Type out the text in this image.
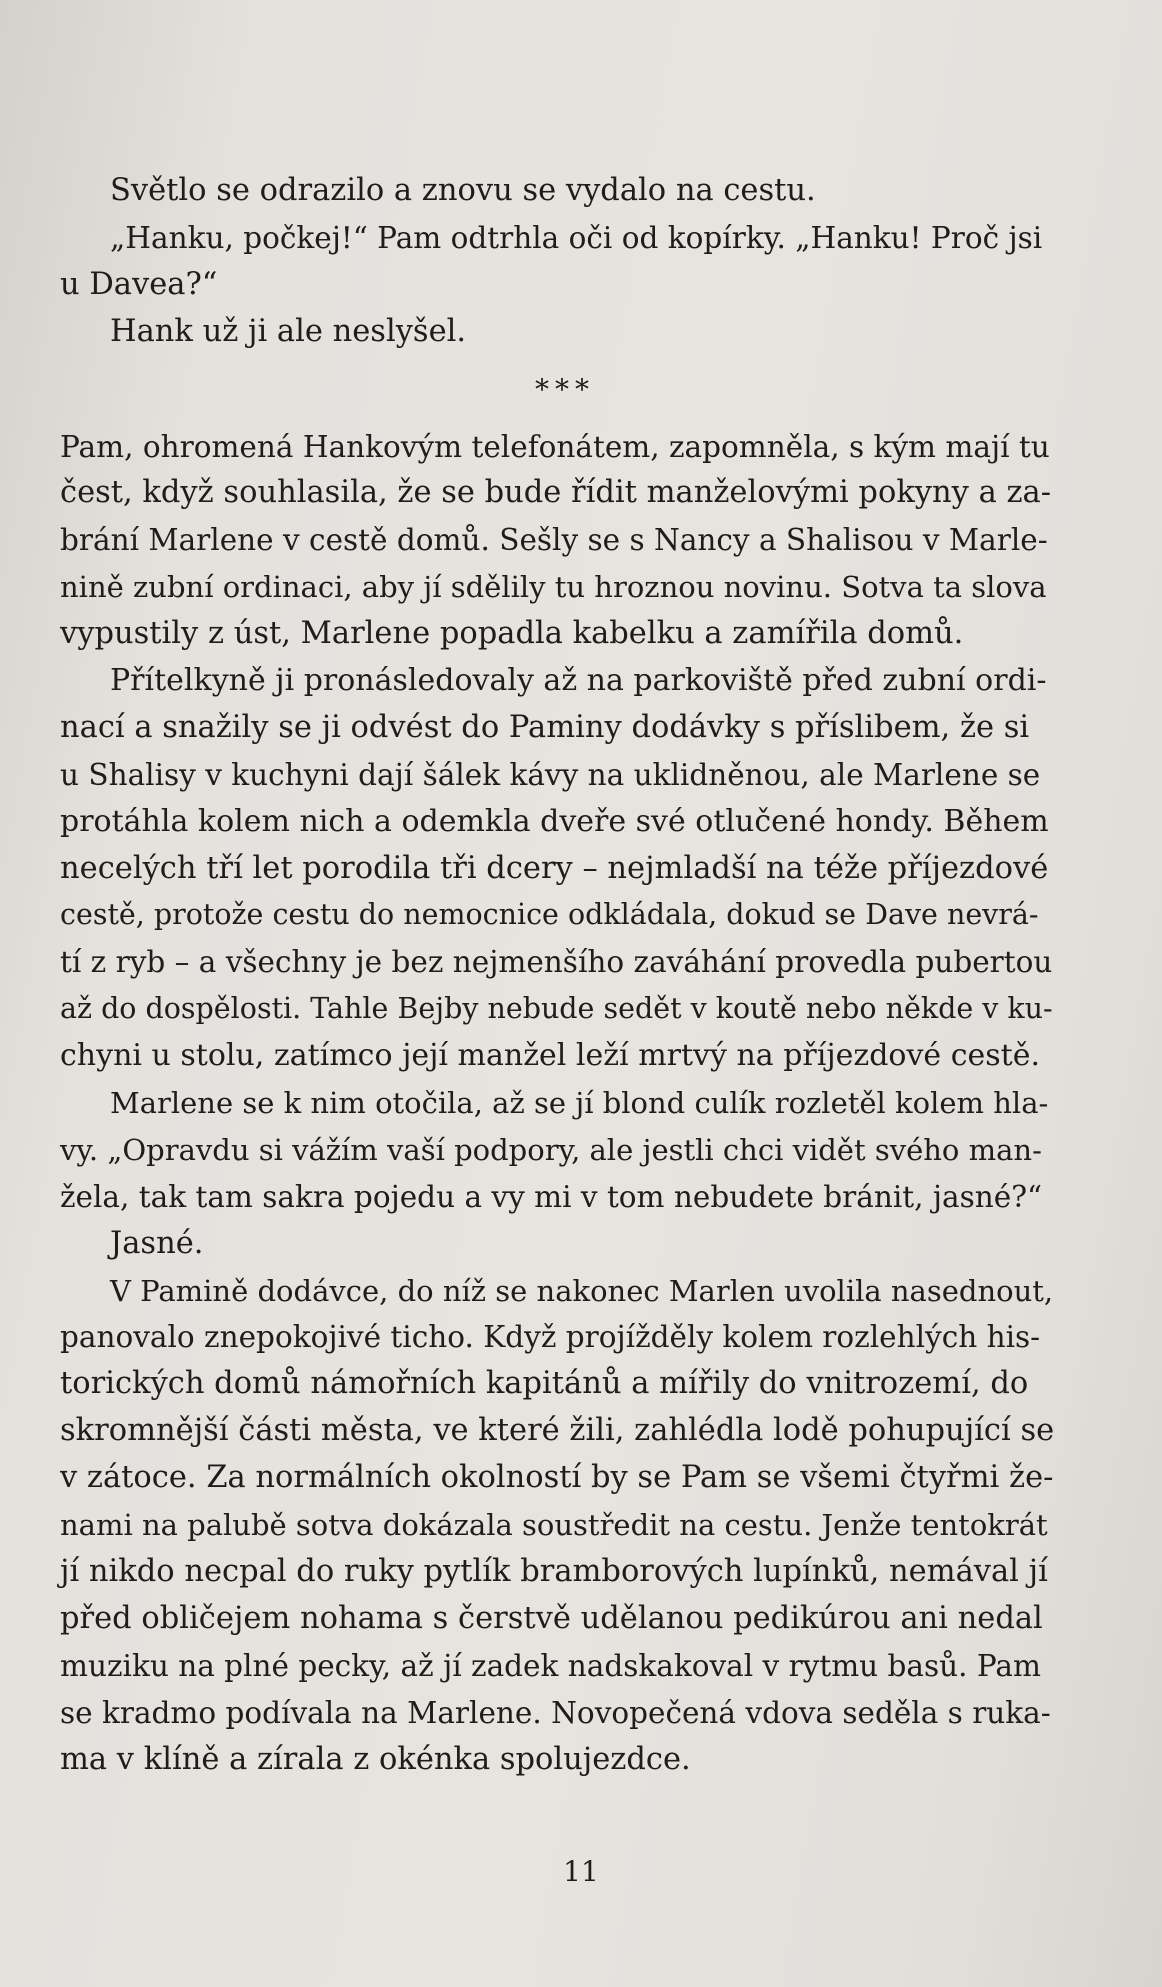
Světlo se odrazilo a znovu se vydalo na cestu.
„Hanku, počkej!“ Pam odtrhla oči od kopírky. „Hanku! Proč jsi
u Davea?“
Hank už ji ale neslyšel.
***
Pam, ohromená Hankovým telefonátem, zapomněla, s kým mají tu
čest, když souhlasila, že se bude řídit manželovými pokyny a za-
brání Marlene v cestě domů. Sešly se s Nancy a Shalisou v Marle-
nině zubní ordinaci, aby jí sdělily tu hroznou novinu. Sotva ta slova
vypustily z úst, Marlene popadla kabelku a zamířila domů.
Přítelkyně ji pronásledovaly až na parkoviště před zubní ordi-
nací a snažily se ji odvést do Paminy dodávky s příslibem, že si
u Shalisy v kuchyni dají šálek kávy na uklidněnou, ale Marlene se
protáhla kolem nich a odemkla dveře své otlučené hondy. Během
necelých tří let porodila tři dcery – nejmladší na téže příjezdové
cestě, protože cestu do nemocnice odkládala, dokud se Dave nevrá-
tí z ryb – a všechny je bez nejmenšího zaváhání provedla pubertou
až do dospělosti. Tahle Bejby nebude sedět v koutě nebo někde v ku-
chyni u stolu, zatímco její manžel leží mrtvý na příjezdové cestě.
Marlene se k nim otočila, až se jí blond culík rozletěl kolem hla-
vy. „Opravdu si vážím vaší podpory, ale jestli chci vidět svého man-
žela, tak tam sakra pojedu a vy mi v tom nebudete bránit, jasné?“
Jasné.
V Pamině dodávce, do níž se nakonec Marlen uvolila nasednout,
panovalo znepokojivé ticho. Když projížděly kolem rozlehlých his-
torických domů námořních kapitánů a mířily do vnitrozemí, do
skromnější části města, ve které žili, zahlédla lodě pohupující se
v zátoce. Za normálních okolností by se Pam se všemi čtyřmi že-
nami na palubě sotva dokázala soustředit na cestu. Jenže tentokrát
jí nikdo necpal do ruky pytlík bramborových lupínků, nemával jí
před obličejem nohama s čerstvě udělanou pedikúrou ani nedal
muziku na plné pecky, až jí zadek nadskakoval v rytmu basů. Pam
se kradmo podívala na Marlene. Novopečená vdova seděla s ruka-
ma v klíně a zírala z okénka spolujezdce.
11
